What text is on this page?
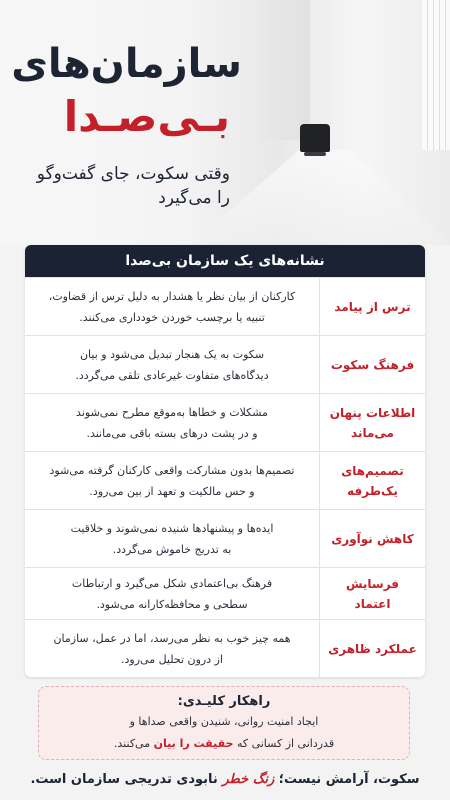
سازمان‌های
بـی‌صـدا

وقتی سکوت، جای گفت‌وگو
را می‌گیرد

نشانه‌های یک سازمان بی‌صدا
ترس از پیامد
کارکنان از بیان نظر یا هشدار به دلیل ترس از قضاوت،
تنبیه یا برچسب خوردن خودداری می‌کنند.
فرهنگ سکوت
سکوت به یک هنجار تبدیل می‌شود و بیان
دیدگاه‌های متفاوت غیرعادی تلقی می‌گردد.
اطلاعات پنهان می‌ماند
مشکلات و خطاها به‌موقع مطرح نمی‌شوند
و در پشت درهای بسته باقی می‌مانند.
تصمیم‌های یک‌طرفه
تصمیم‌ها بدون مشارکت واقعی کارکنان گرفته می‌شود
و حس مالکیت و تعهد از بین می‌رود.
کاهش نوآوری
ایده‌ها و پیشنهادها شنیده نمی‌شوند و خلاقیت
به تدریج خاموش می‌گردد.
فرسایش اعتماد
فرهنگ بی‌اعتمادی شکل می‌گیرد و ارتباطات
سطحی و محافظه‌کارانه می‌شود.
عملکرد ظاهری
همه چیز خوب به نظر می‌رسد، اما در عمل، سازمان
از درون تحلیل می‌رود.
راهکار کلیـدی:
ایجاد امنیت روانی، شنیدن واقعی صداها و
قدردانی از کسانی که حقیقت را بیان می‌کنند.
سکوت، آرامش نیست؛ زنگ خطر نابودی تدریجی سازمان است.
